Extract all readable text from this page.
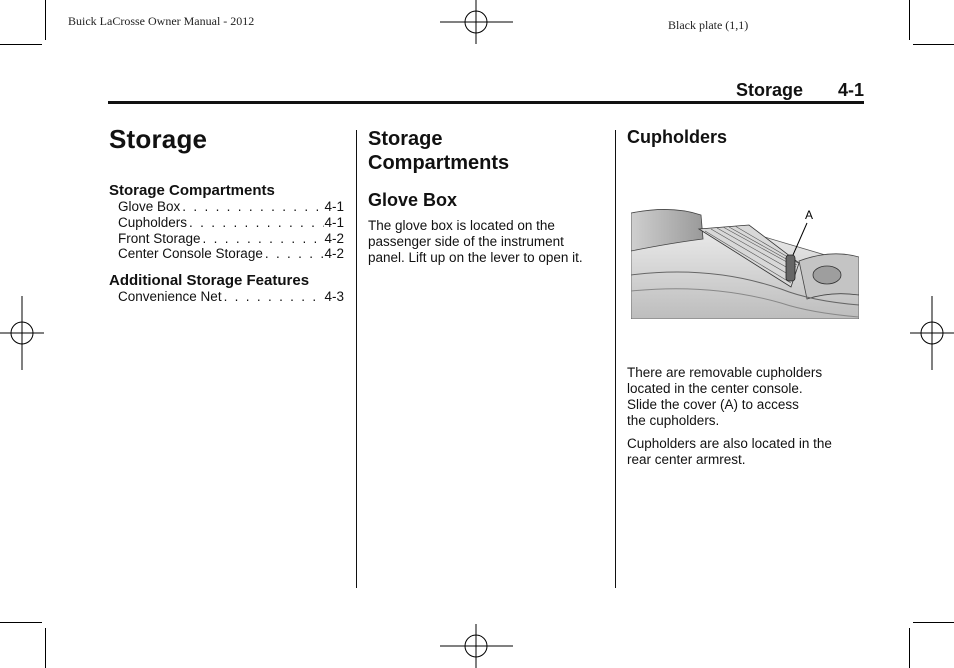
Buick LaCrosse Owner Manual - 2012	Black plate (1,1)
Storage 4-1
Storage
Storage Compartments
Glove Box . . .	4-1
Cupholders . . .	4-1
Front Storage . . .	4-2
Center Console Storage . . .	4-2
Additional Storage Features
Convenience Net . . .	4-3
Storage
Compartments
Glove Box
The glove box is located on the
passenger side of the instrument
panel. Lift up on the lever to open it.
Cupholders
A
There are removable cupholders
located in the center console.
Slide the cover (A) to access
the cupholders.
Cupholders are also located in the
rear center armrest.
